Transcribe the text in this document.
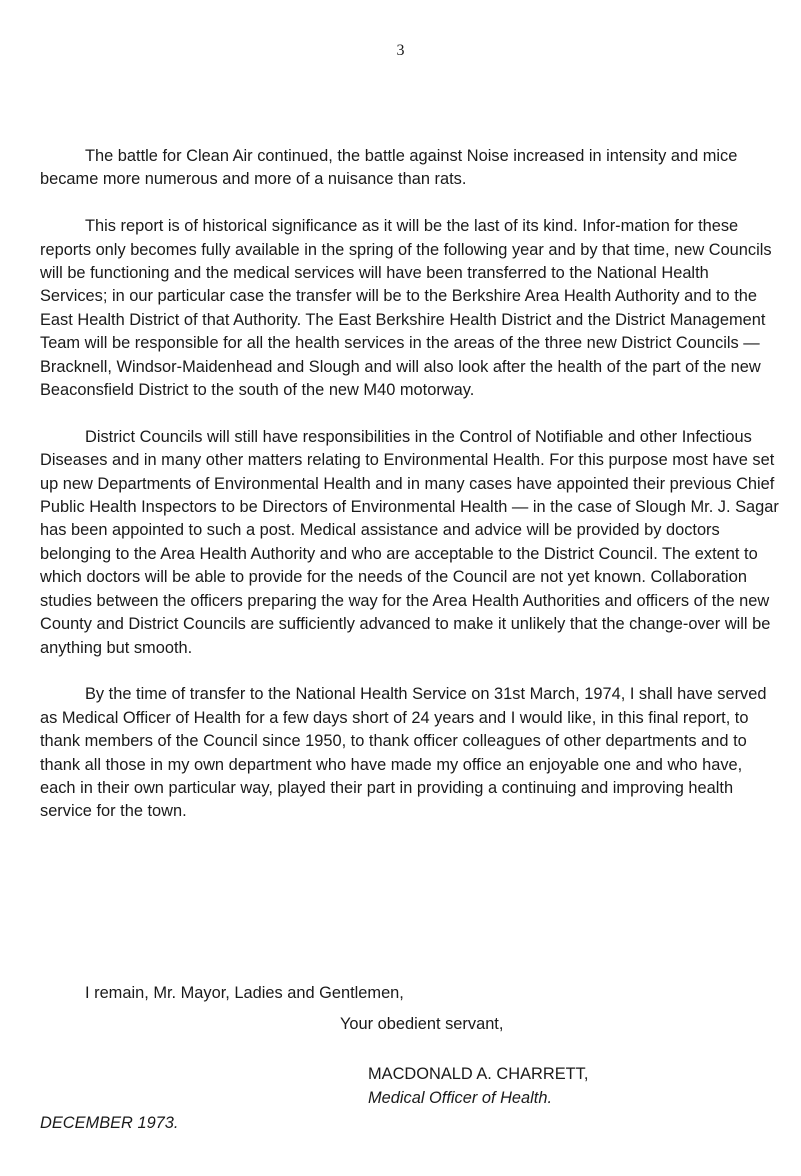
3

The battle for Clean Air continued, the battle against Noise increased in intensity and mice became more numerous and more of a nuisance than rats.

This report is of historical significance as it will be the last of its kind. Infor-mation for these reports only becomes fully available in the spring of the following year and by that time, new Councils will be functioning and the medical services will have been transferred to the National Health Services; in our particular case the transfer will be to the Berkshire Area Health Authority and to the East Health District of that Authority. The East Berkshire Health District and the District Management Team will be responsible for all the health services in the areas of the three new District Councils — Bracknell, Windsor-Maidenhead and Slough and will also look after the health of the part of the new Beaconsfield District to the south of the new M40 motorway.

District Councils will still have responsibilities in the Control of Notifiable and other Infectious Diseases and in many other matters relating to Environmental Health. For this purpose most have set up new Departments of Environmental Health and in many cases have appointed their previous Chief Public Health Inspectors to be Directors of Environmental Health — in the case of Slough Mr. J. Sagar has been appointed to such a post. Medical assistance and advice will be provided by doctors belonging to the Area Health Authority and who are acceptable to the District Council. The extent to which doctors will be able to provide for the needs of the Council are not yet known. Collaboration studies between the officers preparing the way for the Area Health Authorities and officers of the new County and District Councils are sufficiently advanced to make it unlikely that the change-over will be anything but smooth.

By the time of transfer to the National Health Service on 31st March, 1974, I shall have served as Medical Officer of Health for a few days short of 24 years and I would like, in this final report, to thank members of the Council since 1950, to thank officer colleagues of other departments and to thank all those in my own department who have made my office an enjoyable one and who have, each in their own particular way, played their part in providing a continuing and improving health service for the town.

I remain, Mr. Mayor, Ladies and Gentlemen,
Your obedient servant,
MACDONALD A. CHARRETT,
Medical Officer of Health.
DECEMBER 1973.
